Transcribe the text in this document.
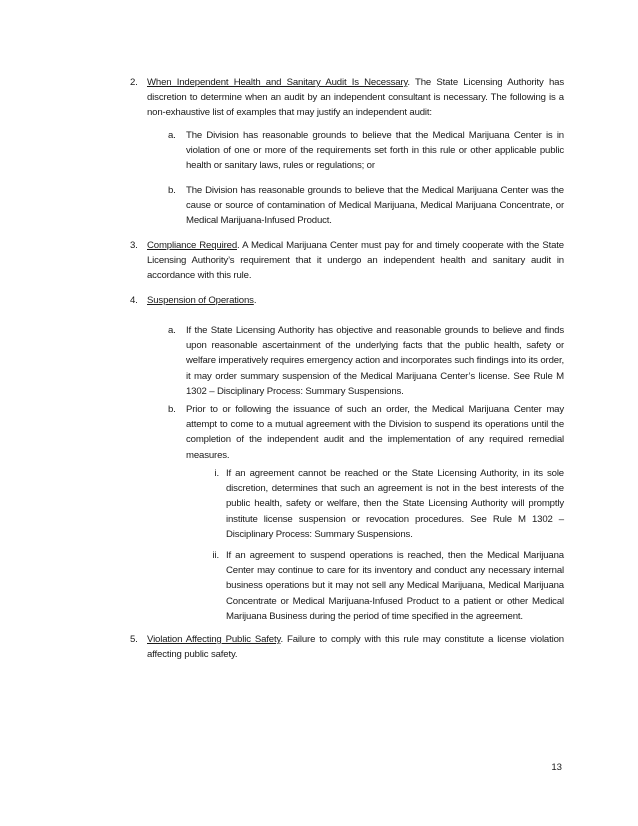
2. When Independent Health and Sanitary Audit Is Necessary. The State Licensing Authority has discretion to determine when an audit by an independent consultant is necessary. The following is a non-exhaustive list of examples that may justify an independent audit:
a. The Division has reasonable grounds to believe that the Medical Marijuana Center is in violation of one or more of the requirements set forth in this rule or other applicable public health or sanitary laws, rules or regulations; or
b. The Division has reasonable grounds to believe that the Medical Marijuana Center was the cause or source of contamination of Medical Marijuana, Medical Marijuana Concentrate, or Medical Marijuana-Infused Product.
3. Compliance Required. A Medical Marijuana Center must pay for and timely cooperate with the State Licensing Authority’s requirement that it undergo an independent health and sanitary audit in accordance with this rule.
4. Suspension of Operations.
a. If the State Licensing Authority has objective and reasonable grounds to believe and finds upon reasonable ascertainment of the underlying facts that the public health, safety or welfare imperatively requires emergency action and incorporates such findings into its order, it may order summary suspension of the Medical Marijuana Center’s license. See Rule M 1302 – Disciplinary Process: Summary Suspensions.
b. Prior to or following the issuance of such an order, the Medical Marijuana Center may attempt to come to a mutual agreement with the Division to suspend its operations until the completion of the independent audit and the implementation of any required remedial measures.
i. If an agreement cannot be reached or the State Licensing Authority, in its sole discretion, determines that such an agreement is not in the best interests of the public health, safety or welfare, then the State Licensing Authority will promptly institute license suspension or revocation procedures. See Rule M 1302 – Disciplinary Process: Summary Suspensions.
ii. If an agreement to suspend operations is reached, then the Medical Marijuana Center may continue to care for its inventory and conduct any necessary internal business operations but it may not sell any Medical Marijuana, Medical Marijuana Concentrate or Medical Marijuana-Infused Product to a patient or other Medical Marijuana Business during the period of time specified in the agreement.
5. Violation Affecting Public Safety. Failure to comply with this rule may constitute a license violation affecting public safety.
13
